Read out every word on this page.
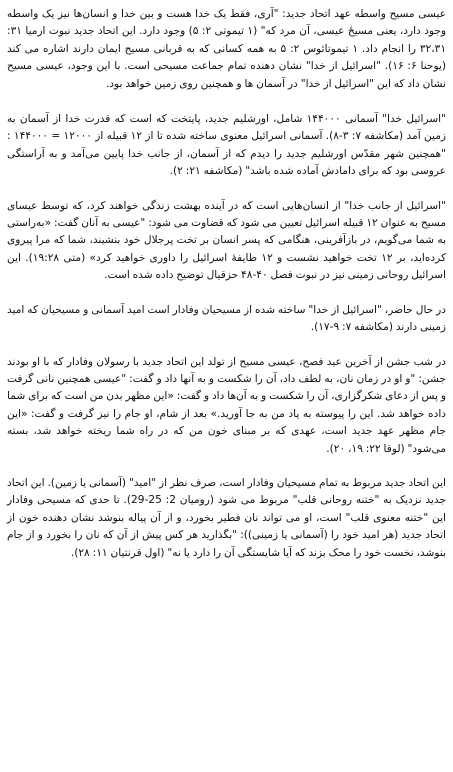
عیسی مسیح واسطه عهد اتحاد جدید: "آری، فقط یک خدا هست و بین خدا و انسان‌ها نیز یک واسطه وجود دارد، یعنی مسیحٔ عیسی، آن مرد که" (۱ تیموتی ۲: ۵) وجود دارد. این اتحاد جدید نبوت ارمیا ۳۱: ۳۲،۳۱ را انجام داد. ۱ تیموتائوس ۲: ۵ به همه کسانی که به قربانی مسیح ایمان دارند اشاره می کند (یوحنا ۶: ۱۶). "اسرائیل از خدا" نشان دهنده تمام جماعت مسیحی است. با این وجود، عیسی مسیح نشان داد که این "اسرائیل از خدا" در آسمان ها و همچنین روی زمین خواهد بود.

"اسرائیل خدا" آسمانی ۱۴۴۰۰۰ شامل، اورشلیم جدید، پایتخت که است که قدرت خدا از آسمان به زمین آمد (مکاشفه ۷: ۳-۸). آسمانی اسرائیل معنوی ساخته شده تا از ۱۲ قبیله از ۱۲۰۰۰ = ۱۴۴۰۰۰ : "همچنین شهر مقدّس اورشلیم جدید را دیدم که از آسمان، از جانب خدا پایین می‌آمد و به آراستگی عروسی بود که برای دامادش آماده شده باشد" (مکاشفه ۲۱: ۲).

"اسرائیل از جانب خدا" از انسان‌هایی است که در آینده بهشت زندگی خواهند کرد، که توسط عیسای مسیح به عنوان ۱۲ قبیله اسرائیل تعیین می شود که قضاوت می شود: "عیسی به آنان گفت: «به‌راستی به شما می‌گویم، در بازآفرینی، هنگامی که پسر انسان بر تخت پرجلال خود بنشیند، شما که مرا پیروی کرده‌اید، بر ۱۲ تخت خواهید نشست و ۱۲ طایفهٔ اسرائیل را داوری خواهید کرد» (متی ۱۹:۲۸). این اسرائیل روحانی زمینی نیز در نبوت فصل ۴۰-۴۸ حزقیال توضیح داده شده است.

در حال حاضر، "اسرائیل از خدا" ساخته شده از مسیحیان وفادار است امید آسمانی و مسیحیان که امید زمینی دارند (مکاشفه ۷: ۹-۱۷).

در شب جشن از آخرین عید فصح، عیسی مسیح از تولد این اتحاد جدید با رسولان وفادار که با او بودند جشن: "و او در زمان نان، به لطف داد، آن را شکست و به آنها داد و گفت: "عیسی همچنین نانی گرفت و پس از دعای شکرگزاری، آن را شکست و به آن‌ها داد و گفت: «این مظهر بدن من است که برای شما داده خواهد شد. این را پیوسته به یاد من به جا آورید.» بعد از شام، او جام را نیز گرفت و گفت: «این جام مظهر عهد جدید است، عهدی که بر مبنای خون من که در راه شما ریخته خواهد شد، بسته می‌شود" (لوقا ۲۲: ۱۹، ۲۰).

این اتحاد جدید مربوط به تمام مسیحیان وفادار است، صرف نظر از "امید" (آسمانی یا زمین). این اتحاد جدید نزدیک به "ختنه روحانی قلب" مربوط می شود (رومیان 2: 25-29). تا حدی که مسیحی وفادار این "ختنه معنوی قلب" است، او می تواند نان فطیر بخورد، و از آن پیاله بنوشد نشان دهنده خون از اتحاد جدید (هر امید خود را (آسمانی یا زمینی)): "بگذارید هر کس پیش از آن که نان را بخورد و از جام بنوشد، نخست خود را محک بزند که آیا شایستگی آن را دارد یا نه" (اول قرنتیان ۱۱: ۲۸).
